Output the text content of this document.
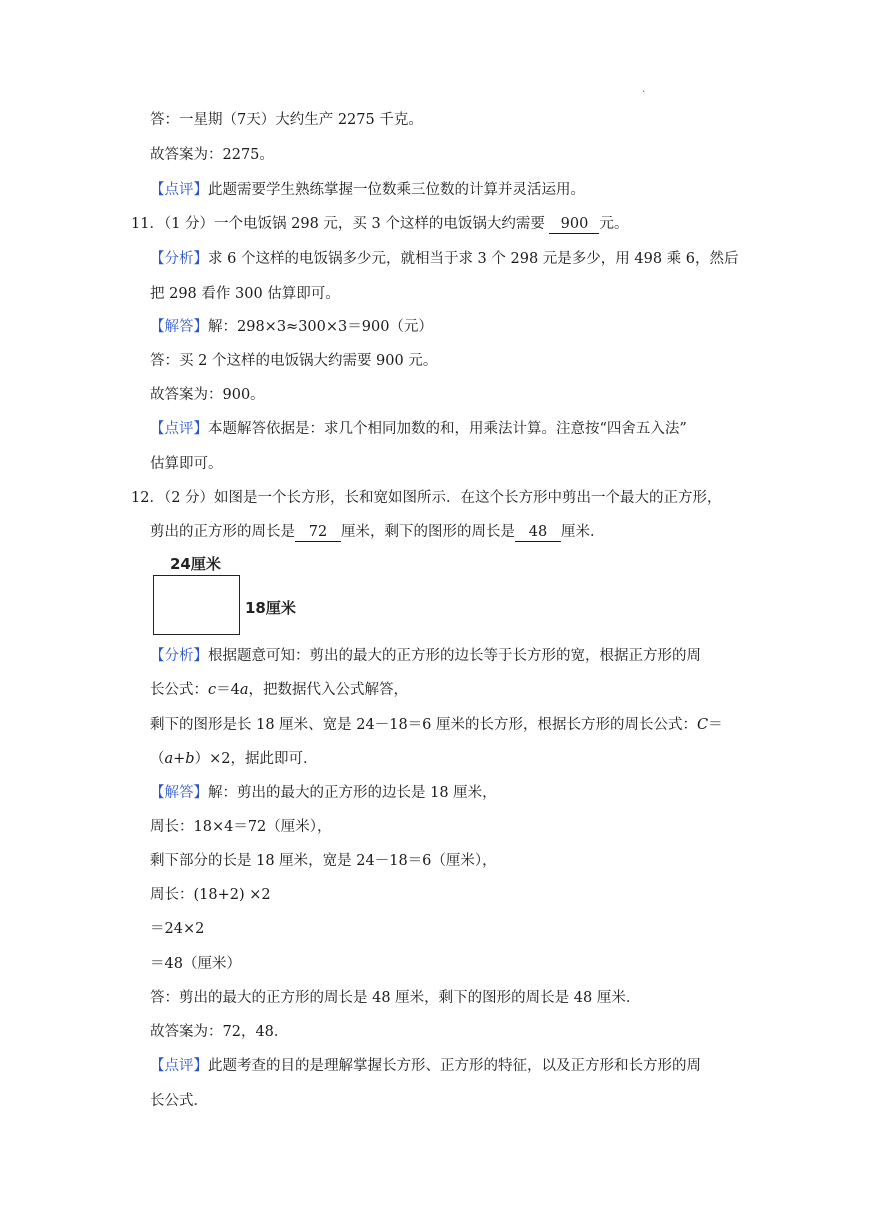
.
答：一星期（7天）大约生产 2275 千克。
故答案为：2275。
【点评】此题需要学生熟练掌握一位数乘三位数的计算并灵活运用。
11．（1 分）一个电饭锅 298 元，买 3 个这样的电饭锅大约需要 900 元。
【分析】求 6 个这样的电饭锅多少元，就相当于求 3 个 298 元是多少，用 498 乘 6，然后
把 298 看作 300 估算即可。
【解答】解：298×3≈300×3＝900（元）
答：买 2 个这样的电饭锅大约需要 900 元。
故答案为：900。
【点评】本题解答依据是：求几个相同加数的和，用乘法计算。注意按“四舍五入法”
估算即可。
12．（2 分）如图是一个长方形，长和宽如图所示．在这个长方形中剪出一个最大的正方形，
剪出的正方形的周长是 72 厘米，剩下的图形的周长是 48 厘米．
24厘米
18厘米
【分析】根据题意可知：剪出的最大的正方形的边长等于长方形的宽，根据正方形的周
长公式：c＝4a，把数据代入公式解答，
剩下的图形是长 18 厘米、宽是 24－18＝6 厘米的长方形，根据长方形的周长公式：C＝
（a+b）×2，据此即可．
【解答】解：剪出的最大的正方形的边长是 18 厘米，
周长：18×4＝72（厘米），
剩下部分的长是 18 厘米，宽是 24－18＝6（厘米），
周长：(18+2) ×2
＝24×2
＝48（厘米）
答：剪出的最大的正方形的周长是 48 厘米，剩下的图形的周长是 48 厘米．
故答案为：72，48．
【点评】此题考查的目的是理解掌握长方形、正方形的特征，以及正方形和长方形的周
长公式．
